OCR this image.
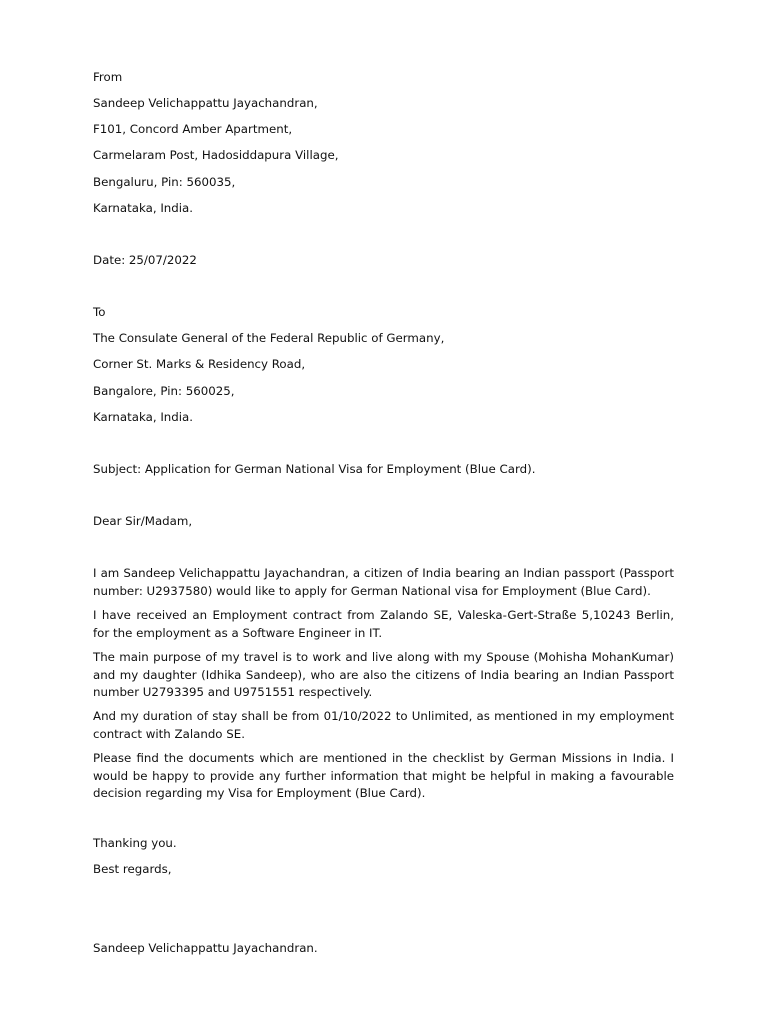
From
Sandeep Velichappattu Jayachandran,
F101, Concord Amber Apartment,
Carmelaram Post, Hadosiddapura Village,
Bengaluru, Pin: 560035,
Karnataka, India.
Date: 25/07/2022
To
The Consulate General of the Federal Republic of Germany,
Corner St. Marks & Residency Road,
Bangalore, Pin: 560025,
Karnataka, India.
Subject: Applicati̇on for German Nati̇onal Visa for Employment (Blue Card).
Dear Sir/Madam,
I am Sandeep Velichappattu Jayachandran, a citi̇zen of India bearing an Indian passport (Passport number: U2937580) would like to apply for German Nati̇onal visa for Employment (Blue Card).
I have received an Employment contract from Zalando SE, Valeska-Gert-Straße 5,10243 Berlin, for the employment as a Software Engineer in IT.
The main purpose of my travel is to work and live along with my Spouse (Mohisha MohanKumar) and my daughter (Idhika Sandeep), who are also the citi̇zens of India bearing an Indian Passport number U2793395 and U9751551 respecti̇vely.
And my durati̇on of stay shall be from 01/10/2022 to Unlimited, as menti̇oned in my employment contract with Zalando SE.
Please find the documents which are menti̇oned in the checklist by German Missions in India. I would be happy to provide any further information that might be helpful in making a favourable decision regarding my Visa for Employment (Blue Card).
Thanking you.
Best regards,
Sandeep Velichappattu Jayachandran.
